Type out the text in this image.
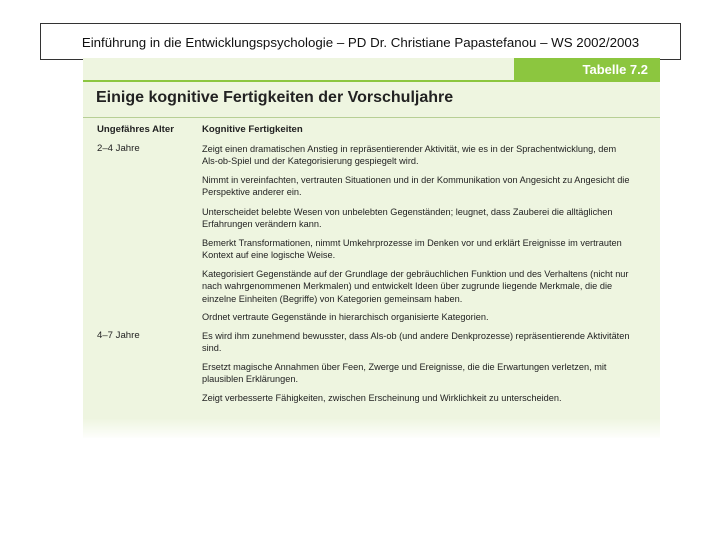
Einführung in die Entwicklungspsychologie – PD Dr. Christiane Papastefanou – WS 2002/2003
Tabelle 7.2
Einige kognitive Fertigkeiten der Vorschuljahre
Ungefähres Alter	Kognitive Fertigkeiten
2–4 Jahre	Zeigt einen dramatischen Anstieg in repräsentierender Aktivität, wie es in der Sprachentwicklung, dem Als-ob-Spiel und der Kategorisierung gespiegelt wird.
Nimmt in vereinfachten, vertrauten Situationen und in der Kommunikation von Angesicht zu Angesicht die Perspektive anderer ein.
Unterscheidet belebte Wesen von unbelebten Gegenständen; leugnet, dass Zauberei die alltäglichen Erfahrungen verändern kann.
Bemerkt Transformationen, nimmt Umkehrprozesse im Denken vor und erklärt Ereignisse im vertrauten Kontext auf eine logische Weise.
Kategorisiert Gegenstände auf der Grundlage der gebräuchlichen Funktion und des Verhaltens (nicht nur nach wahrgenommenen Merkmalen) und entwickelt Ideen über zugrunde liegende Merkmale, die die einzelne Einheiten (Begriffe) von Kategorien gemeinsam haben.
Ordnet vertraute Gegenstände in hierarchisch organisierte Kategorien.
4–7 Jahre	Es wird ihm zunehmend bewusster, dass Als-ob (und andere Denkprozesse) repräsentierende Aktivitäten sind.
Ersetzt magische Annahmen über Feen, Zwerge und Ereignisse, die die Erwartungen verletzen, mit plausiblen Erklärungen.
Zeigt verbesserte Fähigkeiten, zwischen Erscheinung und Wirklichkeit zu unterscheiden.
